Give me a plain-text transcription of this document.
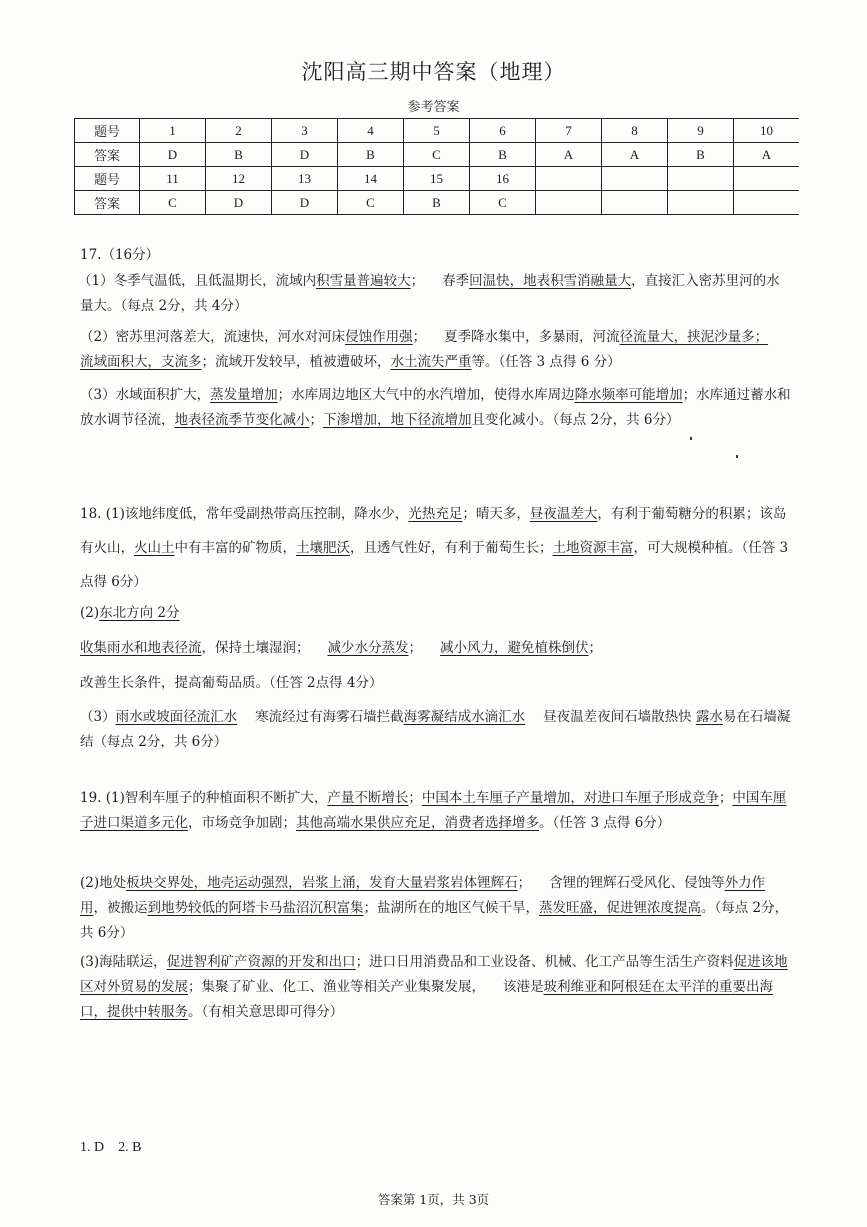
沈阳高三期中答案（地理）
参考答案
题号	1	2	3	4	5	6	7	8	9	10
答案	D	B	D	B	C	B	A	A	B	A
题号	11	12	13	14	15	16				
答案	C	D	D	C	B	C				
17.（16分）
（1）冬季气温低，且低温期长，流域内积雪量普遍较大； 春季回温快，地表积雪消融量大，直接汇入密苏里河的水量大。（每点 2分，共 4分）
（2）密苏里河落差大，流速快，河水对河床侵蚀作用强； 夏季降水集中，多暴雨，河流径流量大，挟泥沙量多；流域面积大，支流多；流域开发较早，植被遭破坏，水土流失严重等。（任答 3 点得 6 分）
（3）水域面积扩大，蒸发量增加；水库周边地区大气中的水汽增加，使得水库周边降水频率可能增加；水库通过蓄水和放水调节径流，地表径流季节变化减小；下渗增加，地下径流增加且变化减小。（每点 2分，共 6分）
18. (1)该地纬度低，常年受副热带高压控制，降水少，光热充足；晴天多，昼夜温差大，有利于葡萄糖分的积累；该岛有火山，火山土中有丰富的矿物质，土壤肥沃，且透气性好，有利于葡萄生长；土地资源丰富，可大规模种植。（任答 3点得 6分）
(2)东北方向 2分
收集雨水和地表径流，保持土壤湿润； 减少水分蒸发； 减小风力，避免植株倒伏；
改善生长条件，提高葡萄品质。（任答 2点得 4分）
（3）雨水或坡面径流汇水 寒流经过有海雾石墙拦截海雾凝结成水滴汇水 昼夜温差夜间石墙散热快 露水易在石墙凝结（每点 2分，共 6分）
19. (1)智利车厘子的种植面积不断扩大，产量不断增长；中国本土车厘子产量增加，对进口车厘子形成竞争；中国车厘子进口渠道多元化，市场竞争加剧；其他高端水果供应充足，消费者选择增多。（任答 3 点得 6分）
(2)地处板块交界处，地壳运动强烈，岩浆上涌，发育大量岩浆岩体锂辉石； 含锂的锂辉石受风化、侵蚀等外力作用，被搬运到地势较低的阿塔卡马盐沼沉积富集；盐湖所在的地区气候干旱，蒸发旺盛，促进锂浓度提高。（每点 2分，共 6分）
(3)海陆联运，促进智利矿产资源的开发和出口；进口日用消费品和工业设备、机械、化工产品等生活生产资料促进该地区对外贸易的发展；集聚了矿业、化工、渔业等相关产业集聚发展， 该港是玻利维亚和阿根廷在太平洋的重要出海口，提供中转服务。（有相关意思即可得分）
1. D    2. B
答案第 1页，共 3页
